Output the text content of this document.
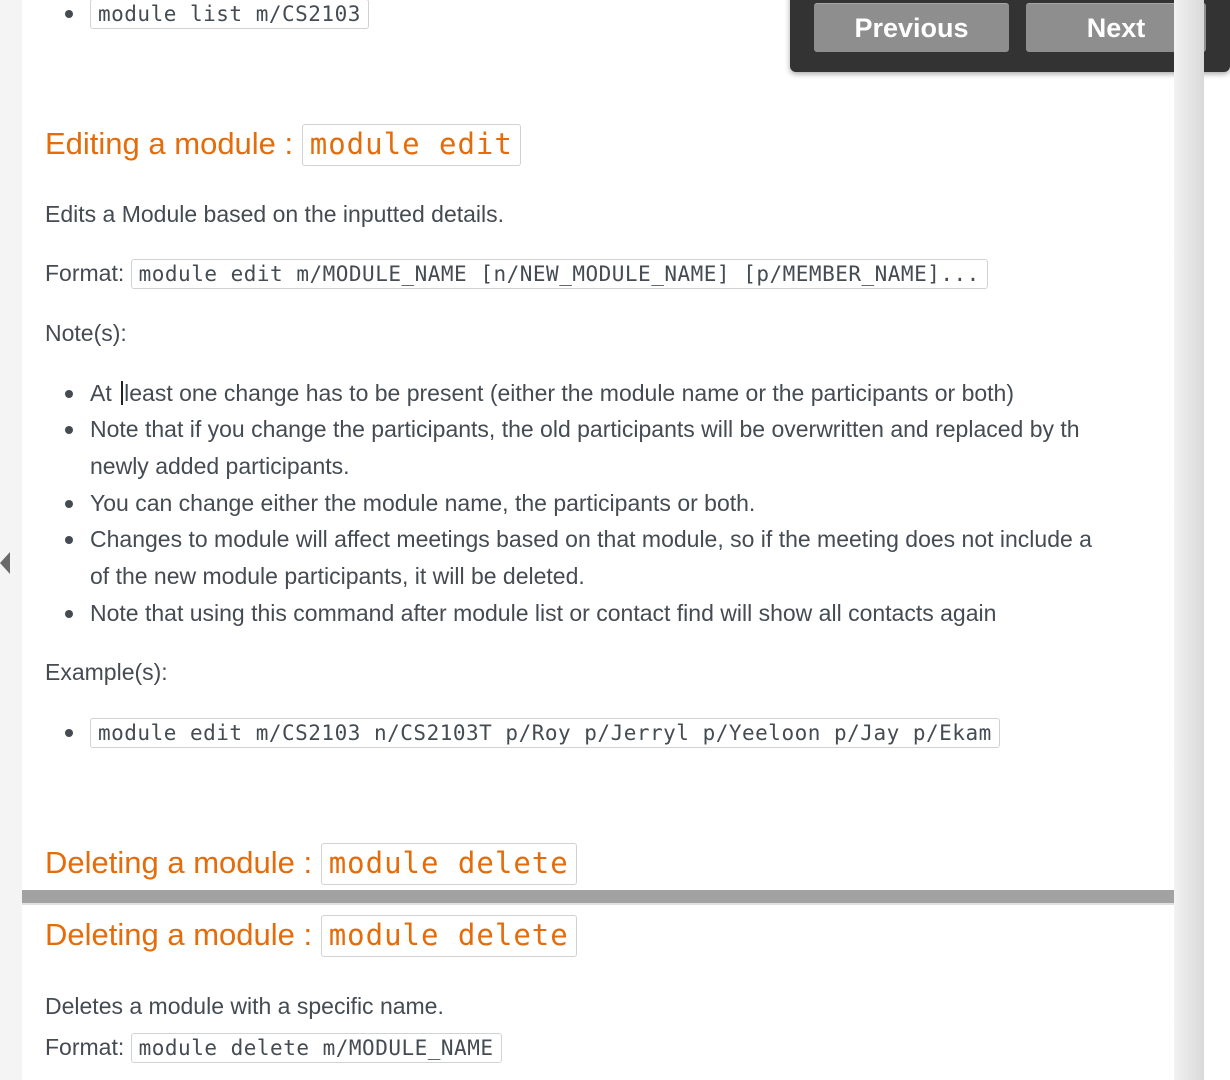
module list m/CS2103
Editing a module : module edit

Edits a Module based on the inputted details.

Format: module edit m/MODULE_NAME [n/NEW_MODULE_NAME] [p/MEMBER_NAME]...

Note(s):

At least one change has to be present (either the module name or the participants or both)
Note that if you change the participants, the old participants will be overwritten and replaced by th
newly added participants.
You can change either the module name, the participants or both.
Changes to module will affect meetings based on that module, so if the meeting does not include a
of the new module participants, it will be deleted.
Note that using this command after module list or contact find will show all contacts again

Example(s):

module edit m/CS2103 n/CS2103T p/Roy p/Jerryl p/Yeeloon p/Jay p/Ekam
Deleting a module : module delete
Previous	Next
Deleting a module : module delete

Deletes a module with a specific name.

Format: module delete m/MODULE_NAME
